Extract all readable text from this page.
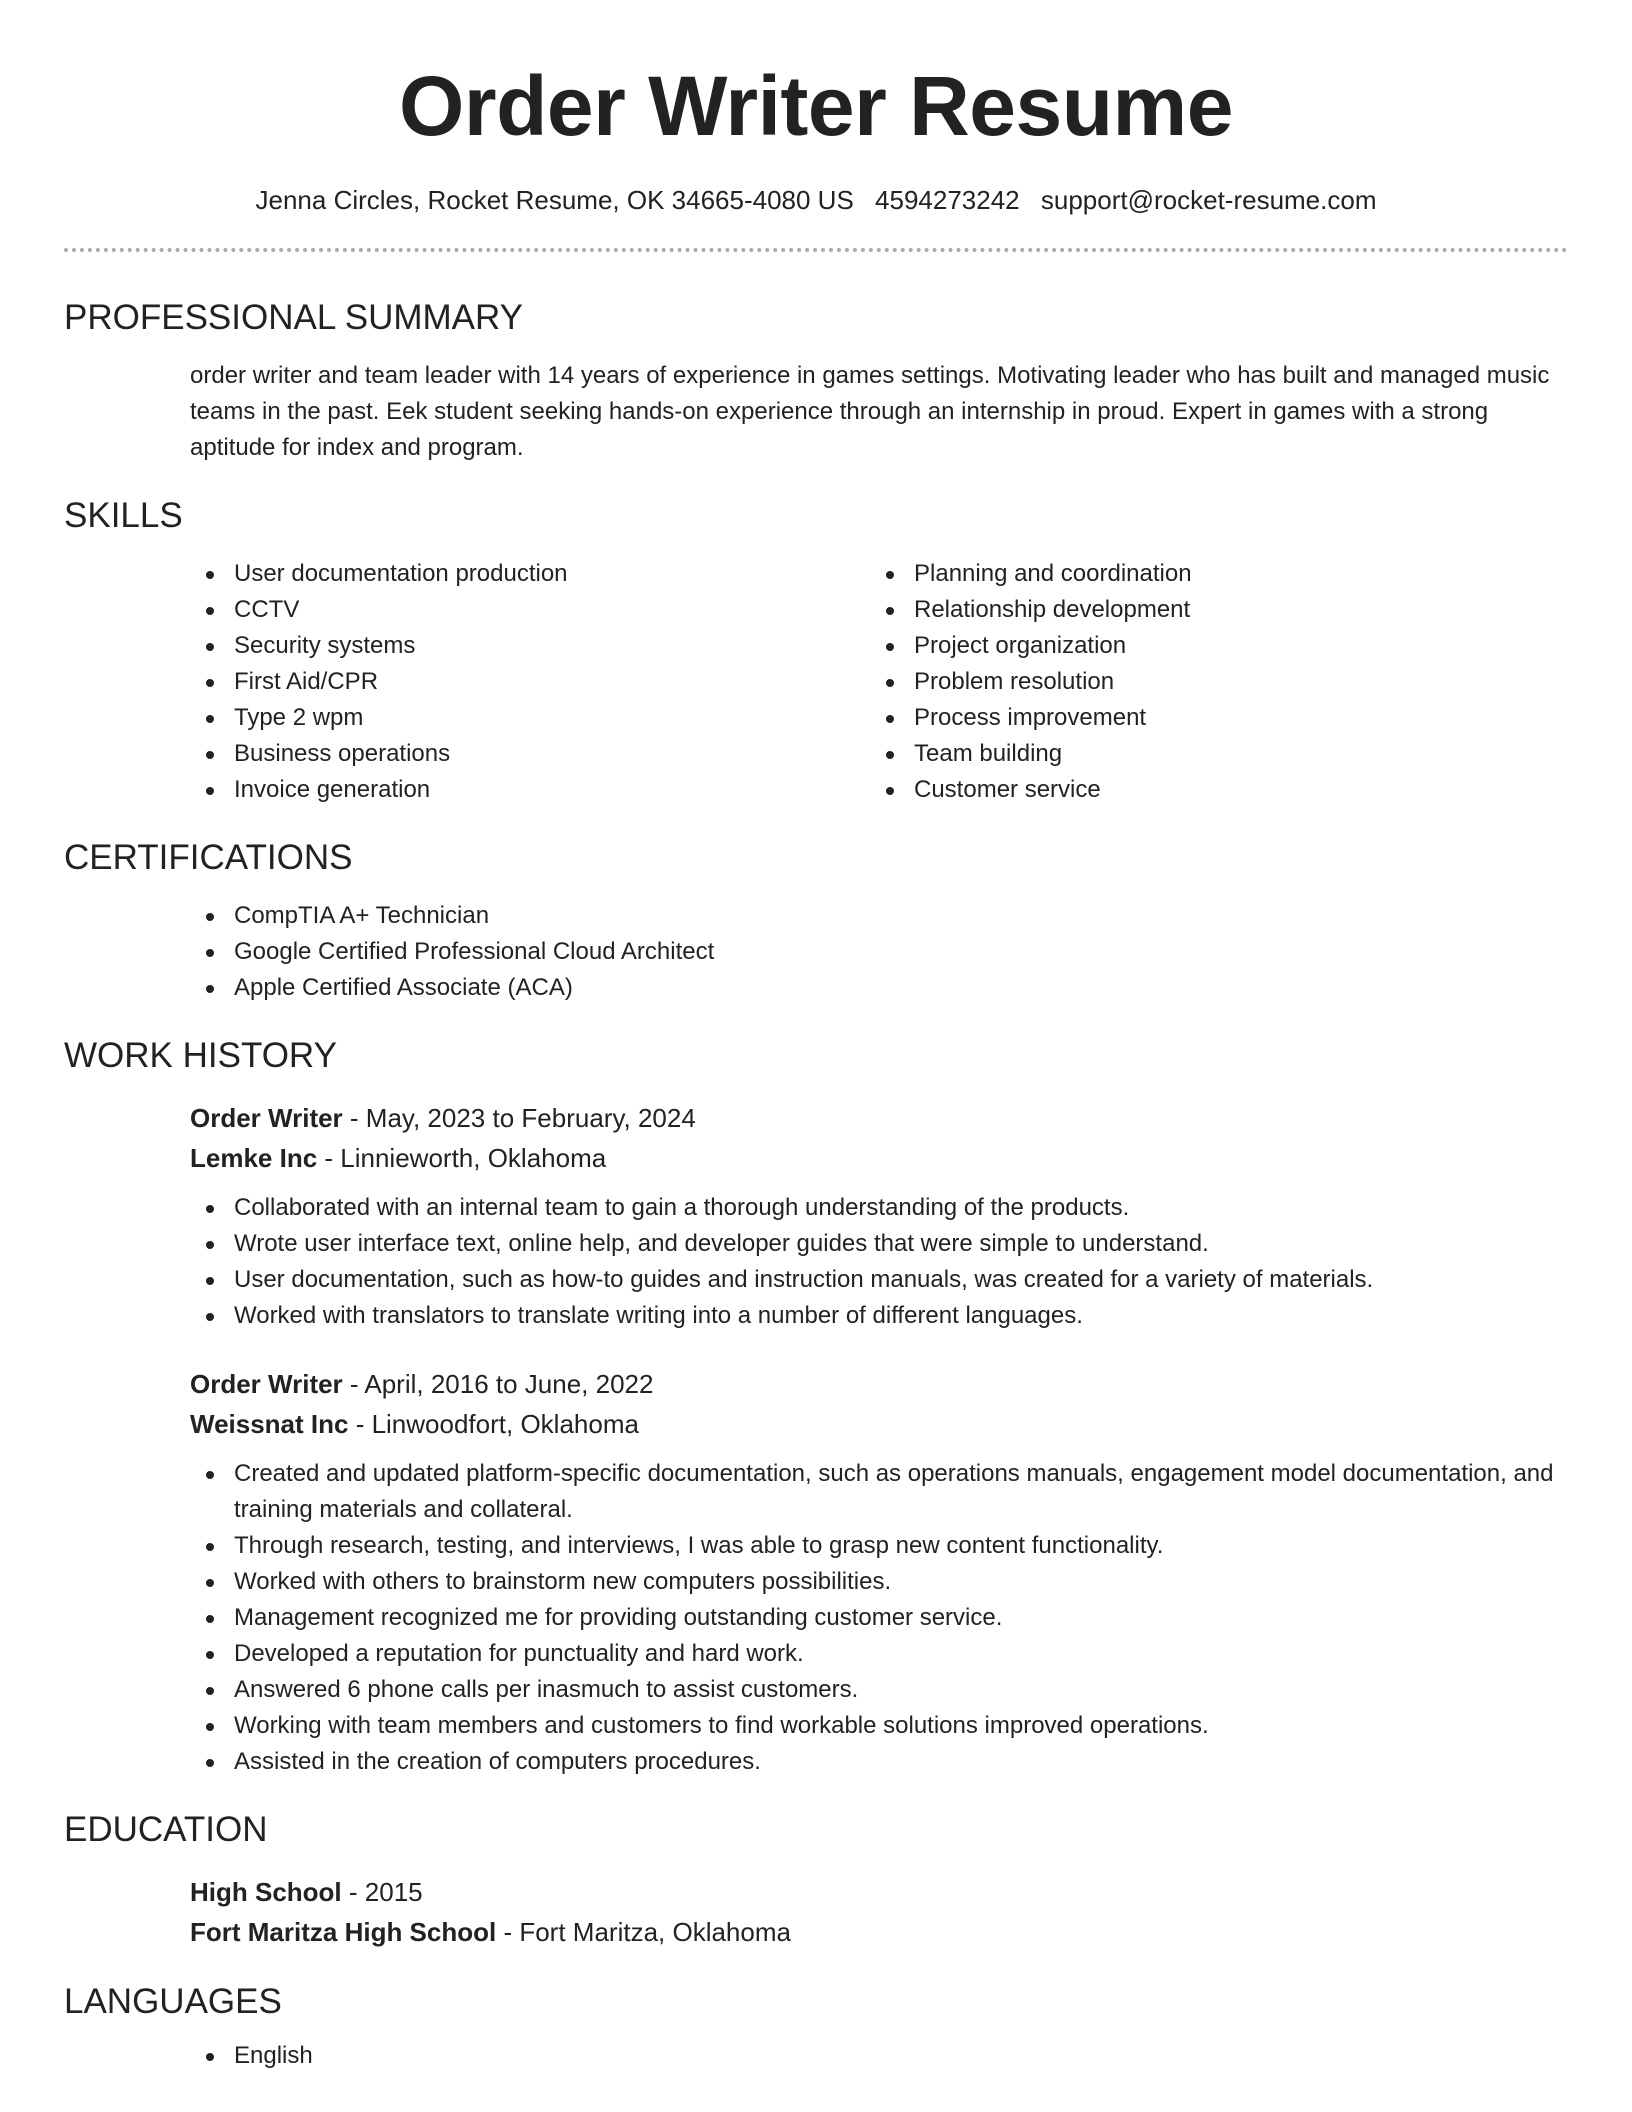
Order Writer Resume
Jenna Circles, Rocket Resume, OK 34665-4080 US 4594273242 support@rocket-resume.com
PROFESSIONAL SUMMARY

order writer and team leader with 14 years of experience in games settings. Motivating leader who has built and managed music teams in the past. Eek student seeking hands-on experience through an internship in proud. Expert in games with a strong aptitude for index and program.

SKILLS
User documentation production
CCTV
Security systems
First Aid/CPR
Type 2 wpm
Business operations
Invoice generation
Planning and coordination
Relationship development
Project organization
Problem resolution
Process improvement
Team building
Customer service
CERTIFICATIONS
CompTIA A+ Technician
Google Certified Professional Cloud Architect
Apple Certified Associate (ACA)
WORK HISTORY
Order Writer - May, 2023 to February, 2024
Lemke Inc - Linnieworth, Oklahoma
Collaborated with an internal team to gain a thorough understanding of the products.
Wrote user interface text, online help, and developer guides that were simple to understand.
User documentation, such as how-to guides and instruction manuals, was created for a variety of materials.
Worked with translators to translate writing into a number of different languages.
Order Writer - April, 2016 to June, 2022
Weissnat Inc - Linwoodfort, Oklahoma
Created and updated platform-specific documentation, such as operations manuals, engagement model documentation, and training materials and collateral.
Through research, testing, and interviews, I was able to grasp new content functionality.
Worked with others to brainstorm new computers possibilities.
Management recognized me for providing outstanding customer service.
Developed a reputation for punctuality and hard work.
Answered 6 phone calls per inasmuch to assist customers.
Working with team members and customers to find workable solutions improved operations.
Assisted in the creation of computers procedures.
EDUCATION
High School - 2015
Fort Maritza High School - Fort Maritza, Oklahoma
LANGUAGES
English
